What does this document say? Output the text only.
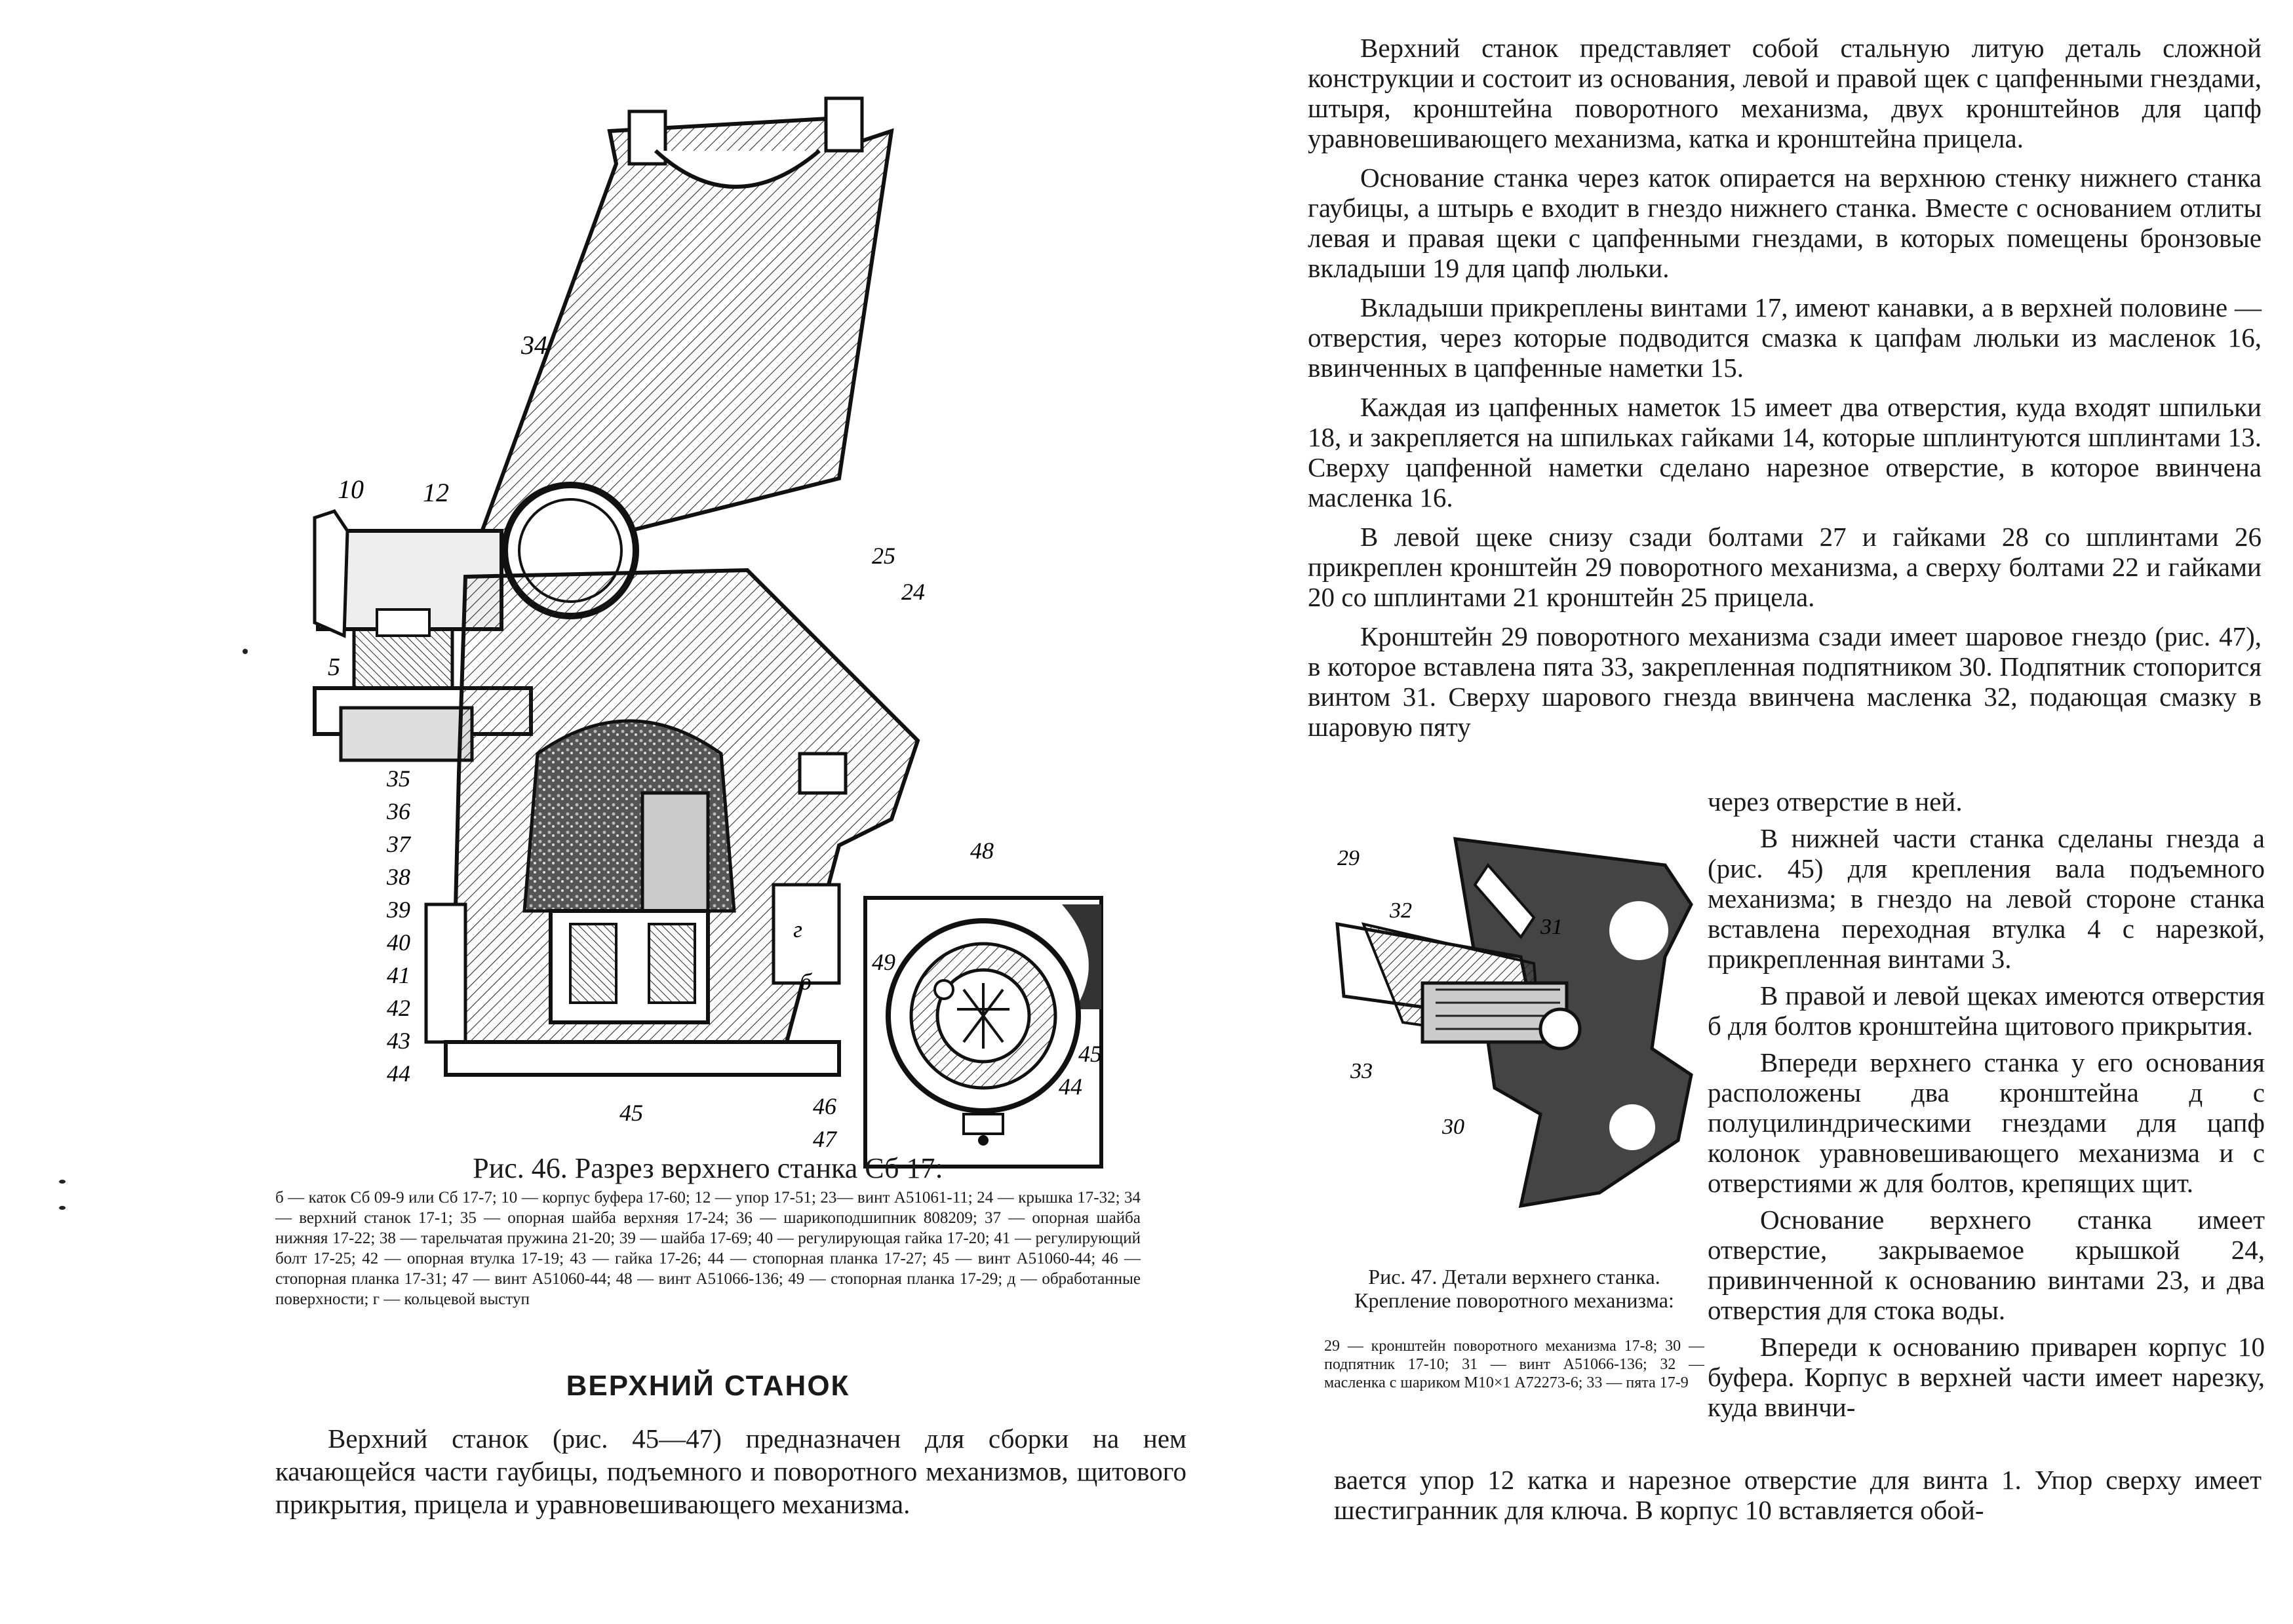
10 12
34
5
35
36
37
38
39
40
41
42
43
44
45
25
24
г
б
48
49
45
44
46
47
Рис. 46. Разрез верхнего станка Сб 17:
б — каток Сб 09-9 или Сб 17-7; 10 — корпус буфера 17-60; 12 — упор 17-51; 23— винт А51061-11; 24 — крышка 17-32; 34 — верхний станок 17-1; 35 — опорная шайба верхняя 17-24; 36 — шарикоподшипник 808209; 37 — опорная шайба нижняя 17-22; 38 — тарельчатая пружина 21-20; 39 — шайба 17-69; 40 — регулирующая гайка 17-20; 41 — регулирующий болт 17-25; 42 — опорная втулка 17-19; 43 — гайка 17-26; 44 — стопорная планка 17-27; 45 — винт А51060-44; 46 — стопорная планка 17-31; 47 — винт А51060-44; 48 — винт А51066-136; 49 — стопорная планка 17-29; д — обработанные поверхности; г — кольцевой выступ
ВЕРХНИЙ СТАНОК

Верхний станок (рис. 45—47) предназначен для сборки на нем качающейся части гаубицы, подъемного и поворотного механизмов, щитового прикрытия, прицела и уравновешивающего механизма.

Верхний станок представляет собой стальную литую деталь сложной конструкции и состоит из основания, левой и правой щек с цапфенными гнездами, штыря, кронштейна поворотного механизма, двух кронштейнов для цапф уравновешивающего механизма, катка и кронштейна прицела.

Основание станка через каток опирается на верхнюю стенку нижнего станка гаубицы, а штырь е входит в гнездо нижнего станка. Вместе с основанием отлиты левая и правая щеки с цапфенными гнездами, в которых помещены бронзовые вкладыши 19 для цапф люльки.

Вкладыши прикреплены винтами 17, имеют канавки, а в верхней половине — отверстия, через которые подводится смазка к цапфам люльки из масленок 16, ввинченных в цапфенные наметки 15.

Каждая из цапфенных наметок 15 имеет два отверстия, куда входят шпильки 18, и закрепляется на шпильках гайками 14, которые шплинтуются шплинтами 13. Сверху цапфенной наметки сделано нарезное отверстие, в которое ввинчена масленка 16.

В левой щеке снизу сзади болтами 27 и гайками 28 со шплинтами 26 прикреплен кронштейн 29 поворотного механизма, а сверху болтами 22 и гайками 20 со шплинтами 21 кронштейн 25 прицела.

Кронштейн 29 поворотного механизма сзади имеет шаровое гнездо (рис. 47), в которое вставлена пята 33, закрепленная подпятником 30. Подпятник стопорится винтом 31. Сверху шарового гнезда ввинчена масленка 32, подающая смазку в шаровую пяту

29
32
31
33
30
Рис. 47. Детали верхнего станка. Крепление поворотного механизма:
29 — кронштейн поворотного механизма 17-8; 30 — подпятник 17-10; 31 — винт А51066-136; 32 — масленка с шариком М10×1 А72273-6; 33 — пята 17-9

через отверстие в ней.

В нижней части станка сделаны гнезда а (рис. 45) для крепления вала подъемного механизма; в гнездо на левой стороне станка вставлена переходная втулка 4 с нарезкой, прикрепленная винтами 3.

В правой и левой щеках имеются отверстия б для болтов кронштейна щитового прикрытия.

Впереди верхнего станка у его основания расположены два кронштейна д с полуцилиндрическими гнездами для цапф колонок уравновешивающего механизма и с отверстиями ж для болтов, крепящих щит.

Основание верхнего станка имеет отверстие, закрываемое крышкой 24, привинченной к основанию винтами 23, и два отверстия для стока воды.

Впереди к основанию приварен корпус 10 буфера. Корпус в верхней части имеет нарезку, куда ввинчи-

вается упор 12 катка и нарезное отверстие для винта 1. Упор сверху имеет шестигранник для ключа. В корпус 10 вставляется обой-
